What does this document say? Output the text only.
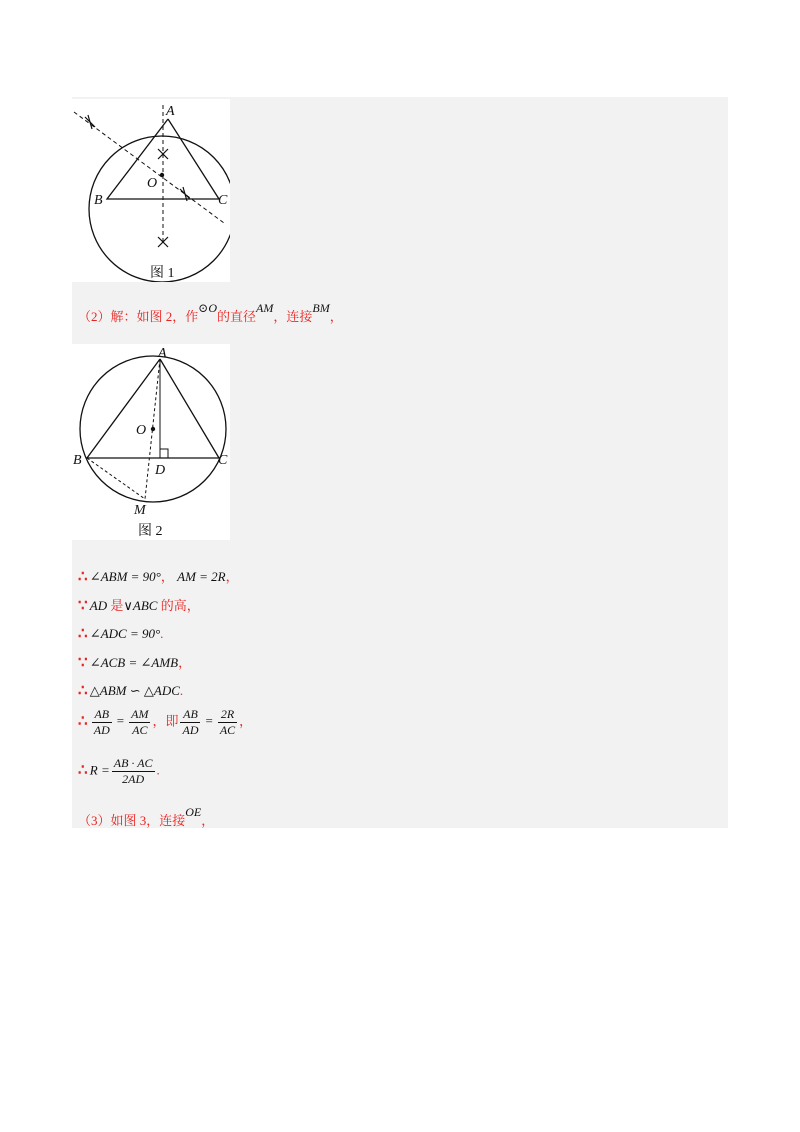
A
B	C
O
图 1
（2）解：如图 2，作⊙O的直径AM，连接BM，
A
B	C
O
D
M
图 2
∴ ∠ABM = 90°， AM = 2R，
∵ AD 是∨ABC 的高，
∴ ∠ADC = 90°.
∵ ∠ACB = ∠AMB，
∴ △ABM ∽ △ADC.
∴ $\frac{AB}{AD} = \frac{AM}{AC}$ ，即 $\frac{AB}{AD} = \frac{2R}{AC}$ ，
∴ $R = \frac{AB \cdot AC}{2AD}$ .
（3）如图 3，连接OE，
